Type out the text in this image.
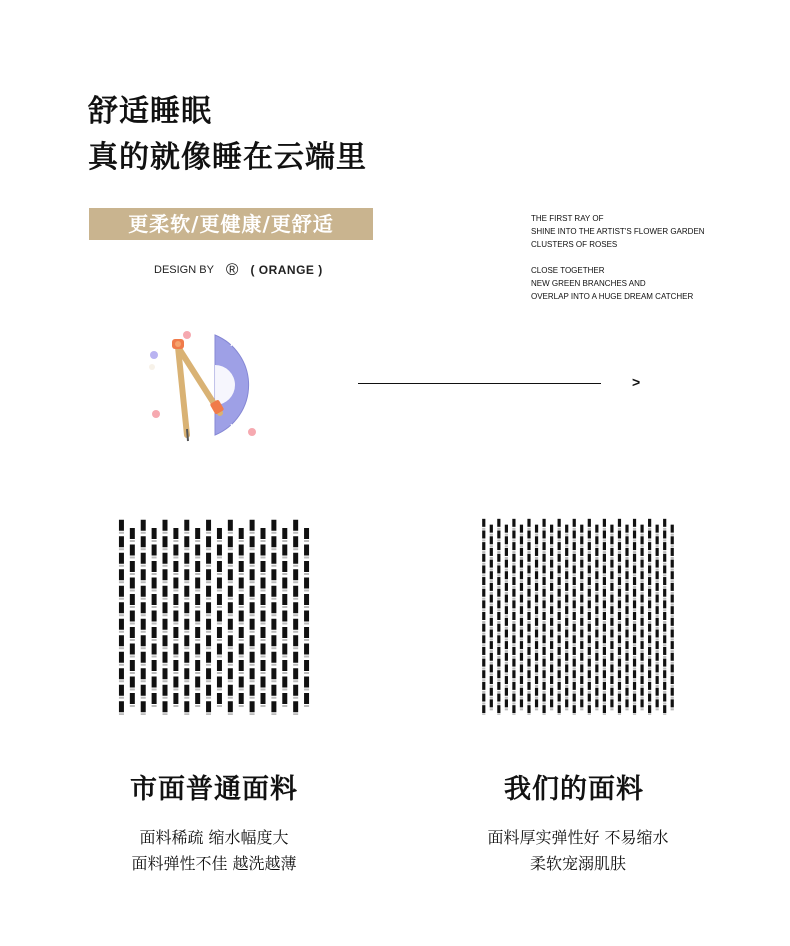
舒适睡眠
真的就像睡在云端里
更柔软/更健康/更舒适
DESIGN BY ® ( ORANGE )
THE FIRST RAY OF
SHINE INTO THE ARTIST'S FLOWER GARDEN
CLUSTERS OF ROSES
CLOSE TOGETHER
NEW GREEN BRANCHES AND
OVERLAP INTO A HUGE DREAM CATCHER
>
市面普通面料	我们的面料
面料稀疏 缩水幅度大
面料弹性不佳 越洗越薄
面料厚实弹性好 不易缩水
柔软宠溺肌肤
